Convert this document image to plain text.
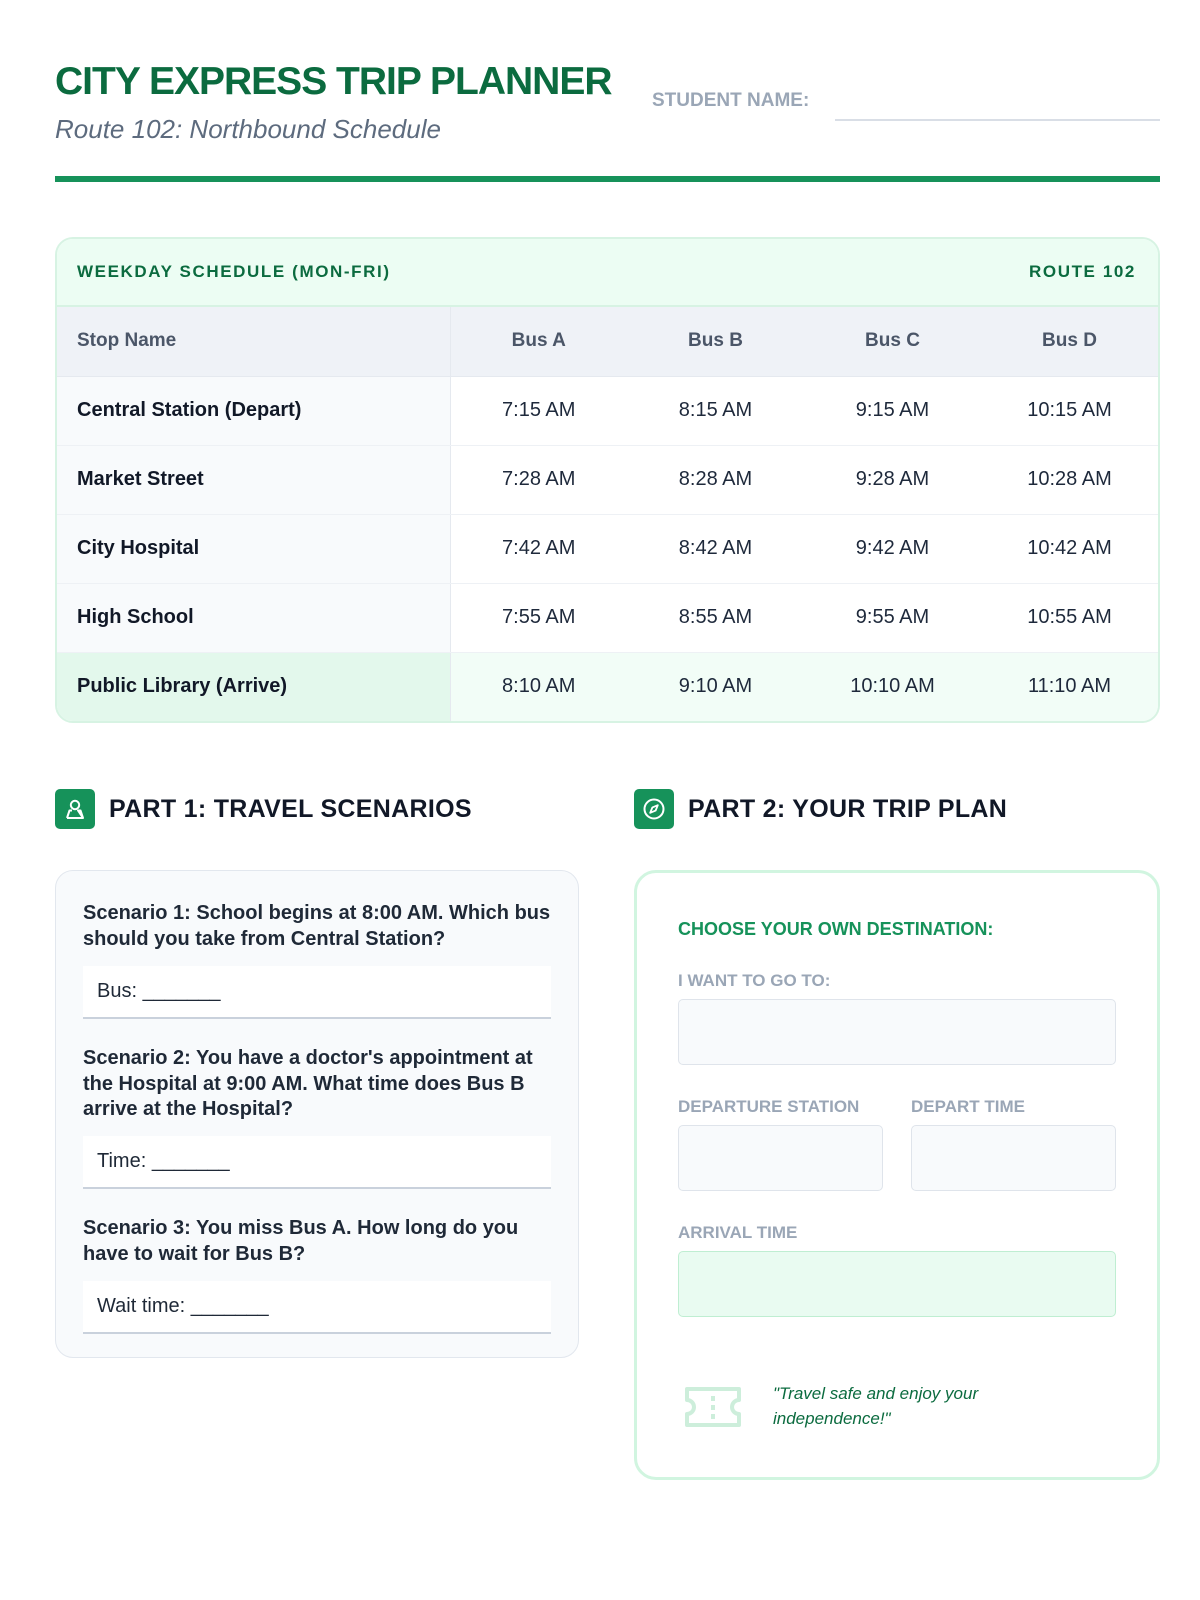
CITY EXPRESS TRIP PLANNER
Route 102: Northbound Schedule
STUDENT NAME:
WEEKDAY SCHEDULE (MON-FRI)	ROUTE 102
Stop Name	Bus A	Bus B	Bus C	Bus D
Central Station (Depart)	7:15 AM	8:15 AM	9:15 AM	10:15 AM
Market Street	7:28 AM	8:28 AM	9:28 AM	10:28 AM
City Hospital	7:42 AM	8:42 AM	9:42 AM	10:42 AM
High School	7:55 AM	8:55 AM	9:55 AM	10:55 AM
Public Library (Arrive)	8:10 AM	9:10 AM	10:10 AM	11:10 AM
PART 1: TRAVEL SCENARIOS	PART 2: YOUR TRIP PLAN
Scenario 1: School begins at 8:00 AM. Which bus should you take from Central Station?
Bus: _______
Scenario 2: You have a doctor's appointment at the Hospital at 9:00 AM. What time does Bus B arrive at the Hospital?
Time: _______
Scenario 3: You miss Bus A. How long do you have to wait for Bus B?
Wait time: _______
CHOOSE YOUR OWN DESTINATION:
I WANT TO GO TO:
DEPARTURE STATION	DEPART TIME
ARRIVAL TIME
"Travel safe and enjoy your independence!"
